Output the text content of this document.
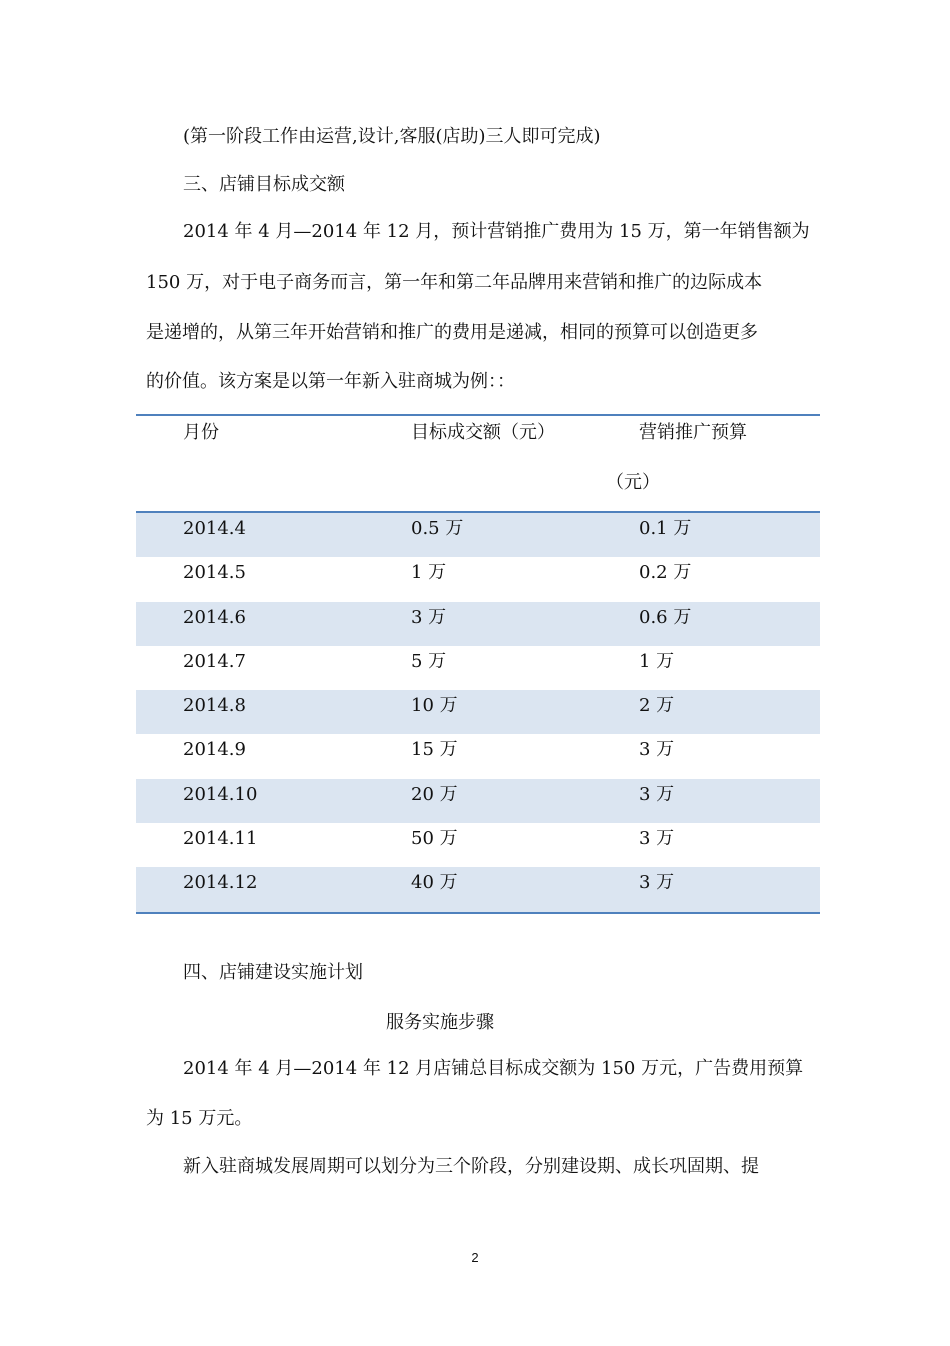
(第一阶段工作由运营,设计,客服(店助)三人即可完成)
三、店铺目标成交额
2014 年 4 月—2014 年 12 月，预计营销推广费用为 15 万，第一年销售额为
150 万，对于电子商务而言，第一年和第二年品牌用来营销和推广的边际成本
是递增的，从第三年开始营销和推广的费用是递减，相同的预算可以创造更多
的价值。该方案是以第一年新入驻商城为例：：
月份	目标成交额（元）	营销推广预算
（元）
2014.4	0.5 万	0.1 万
2014.5	1 万	0.2 万
2014.6	3 万	0.6 万
2014.7	5 万	1 万
2014.8	10 万	2 万
2014.9	15 万	3 万
2014.10	20 万	3 万
2014.11	50 万	3 万
2014.12	40 万	3 万
四、店铺建设实施计划
服务实施步骤
2014 年 4 月—2014 年 12 月店铺总目标成交额为 150 万元，广告费用预算
为 15 万元。
新入驻商城发展周期可以划分为三个阶段，分别建设期、成长巩固期、提
2
